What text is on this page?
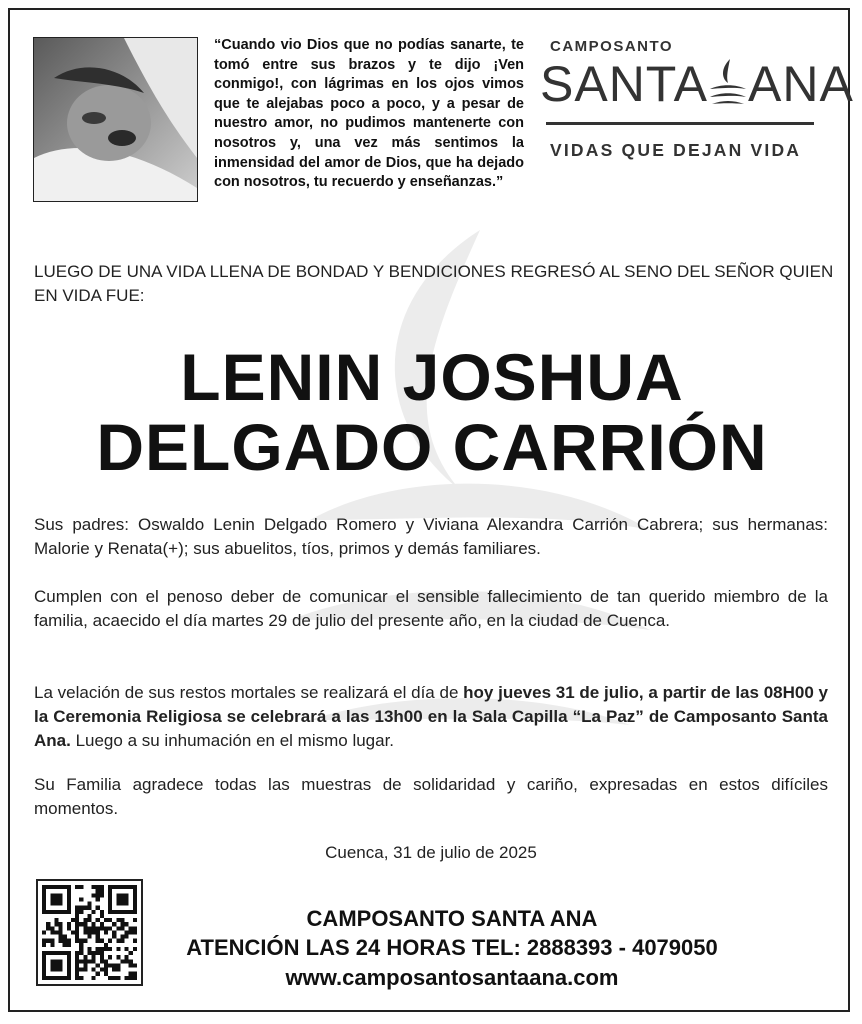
“Cuando vio Dios que no podías sanarte, te tomó entre sus brazos y te dijo ¡Ven conmigo!, con lágrimas en los ojos vimos que te alejabas poco a poco, y a pesar de nuestro amor, no pudimos mantenerte con nosotros y, una vez más sentimos la inmensidad del amor de Dios, que ha dejado con nosotros, tu recuerdo y enseñanzas.”
CAMPOSANTO
SANTA ANA
VIDAS QUE DEJAN VIDA
LUEGO DE UNA VIDA LLENA DE BONDAD Y BENDICIONES REGRESÓ AL SENO DEL SEÑOR QUIEN EN VIDA FUE:
LENIN JOSHUA
DELGADO CARRIÓN
Sus padres: Oswaldo Lenin Delgado Romero y Viviana Alexandra Carrión Cabrera; sus hermanas: Malorie y Renata(+); sus abuelitos, tíos, primos y demás familiares.
Cumplen con el penoso deber de comunicar el sensible fallecimiento de tan querido miembro de la familia, acaecido el día martes 29 de julio del presente año, en la ciudad de Cuenca.
La velación de sus restos mortales se realizará el día de hoy jueves 31 de julio, a partir de las 08H00 y la Ceremonia Religiosa se celebrará a las 13h00 en la Sala Capilla “La Paz” de Camposanto Santa Ana. Luego a su inhumación en el mismo lugar.
Su Familia agradece todas las muestras de solidaridad y cariño, expresadas en estos difíciles momentos.
Cuenca, 31 de julio de 2025
CAMPOSANTO SANTA ANA
ATENCIÓN LAS 24 HORAS TEL: 2888393 - 4079050
www.camposantosantaana.com
